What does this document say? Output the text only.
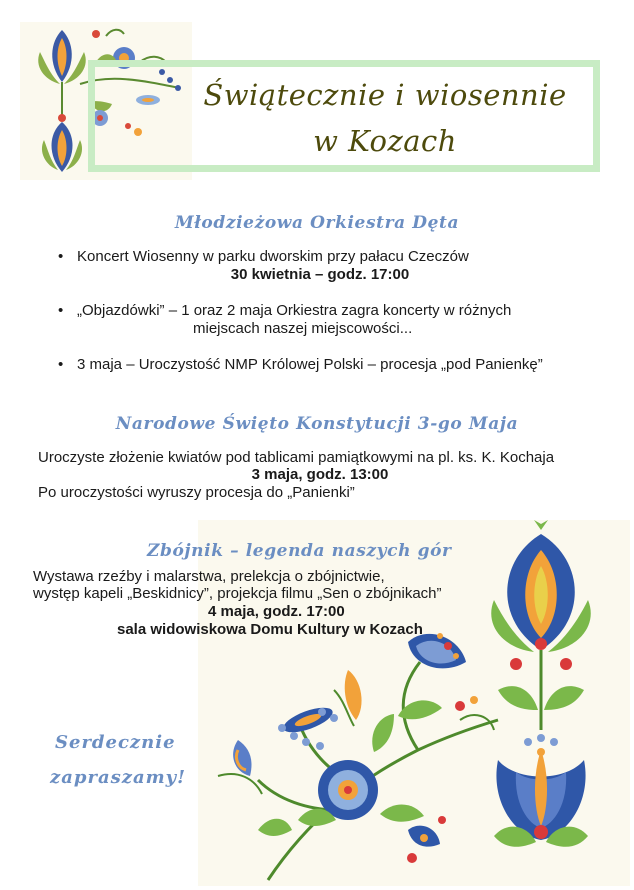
Świątecznie i wiosennie
w Kozach
Młodzieżowa Orkiestra Dęta
• Koncert Wiosenny w parku dworskim przy pałacu Czeczów
30 kwietnia – godz. 17:00
• „Objazdówki” – 1 oraz 2 maja Orkiestra zagra koncerty w różnych
miejscach naszej miejscowości...
• 3 maja – Uroczystość NMP Królowej Polski – procesja „pod Panienkę”
Narodowe Święto Konstytucji 3-go Maja
Uroczyste złożenie kwiatów pod tablicami pamiątkowymi na pl. ks. K. Kochaja
3 maja, godz. 13:00
Po uroczystości wyruszy procesja do „Panienki”
Zbójnik – legenda naszych gór
Wystawa rzeźby i malarstwa, prelekcja o zbójnictwie,
występ kapeli „Beskidnicy”, projekcja filmu „Sen o zbójnikach”
4 maja, godz. 17:00
sala widowiskowa Domu Kultury w Kozach
Serdecznie
zapraszamy!
